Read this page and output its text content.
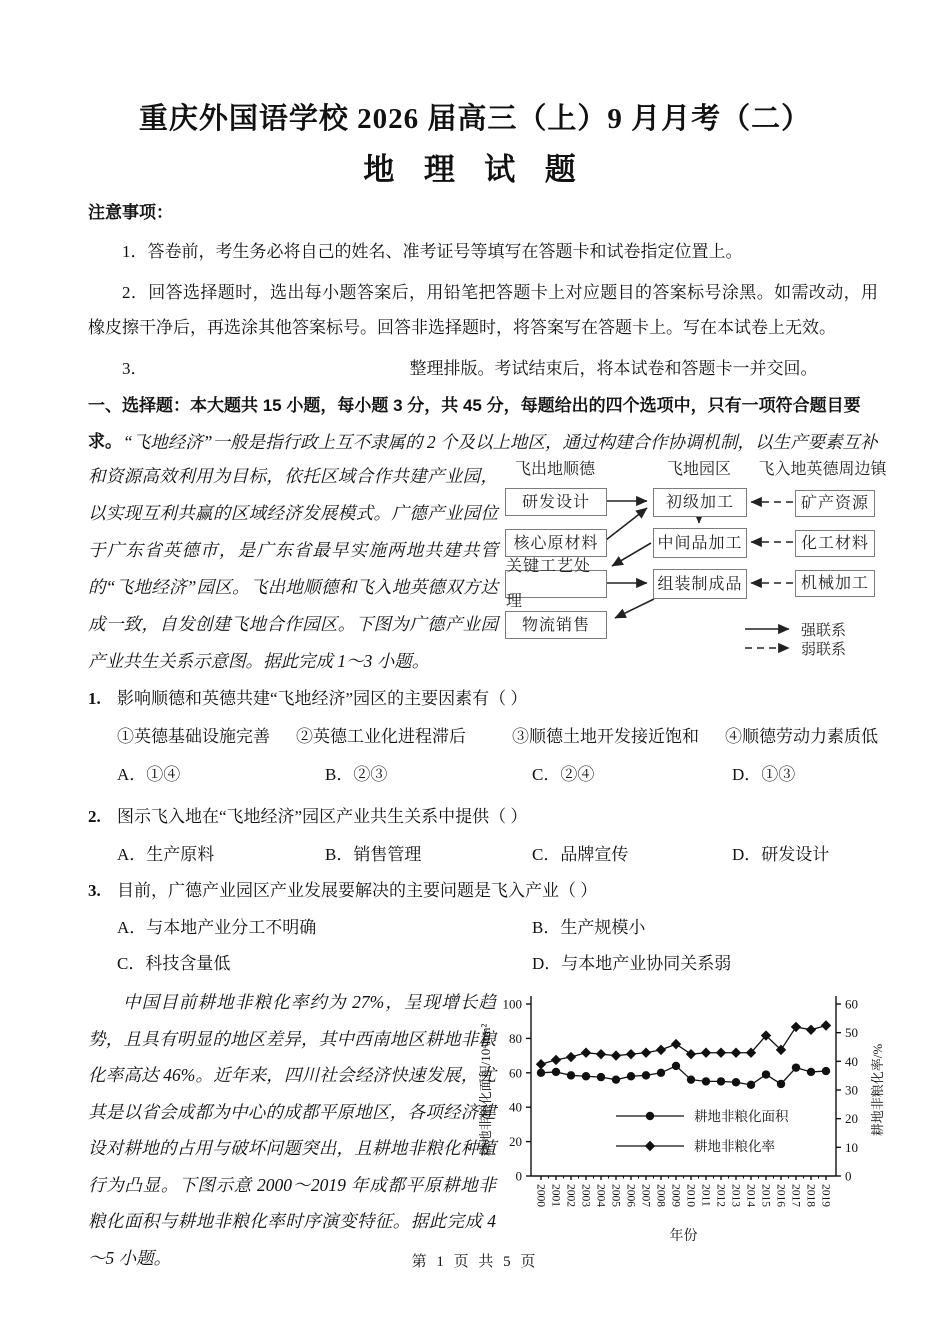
重庆外国语学校 2026 届高三（上）9 月月考（二）
地 理 试 题

注意事项：

1．答卷前，考生务必将自己的姓名、准考证号等填写在答题卡和试卷指定位置上。

2．回答选择题时，选出每小题答案后，用铅笔把答题卡上对应题目的答案标号涂黑。如需改动，用橡皮擦干净后，再选涂其他答案标号。回答非选择题时，将答案写在答题卡上。写在本试卷上无效。

3．	整理排版。考试结束后，将本试卷和答题卡一并交回。

一、选择题：本大题共 15 小题，每小题 3 分，共 45 分，每题给出的四个选项中，只有一项符合题目要求。 “飞地经济”一般是指行政上互不隶属的 2 个及以上地区，通过构建合作协调机制，以生产要素互补
和资源高效利用为目标，依托区域合作共建产业园，以实现互利共赢的区域经济发展模式。广德产业园位于广东省英德市，是广东省最早实施两地共建共管的“飞地经济”园区。飞出地顺德和飞入地英德双方达成一致，自发创建飞地合作园区。下图为广德产业园产业共生关系示意图。据此完成 1～3 小题。
强联系
弱联系
飞出地顺德	飞地园区	飞入地英德周边镇
研发设计
核心原材料
关键工艺处理
物流销售
初级加工
中间品加工
组装制成品
矿产资源
化工材料
机械加工
1. 影响顺德和英德共建“飞地经济”园区的主要因素有（ ）
①英德基础设施完善 ②英德工业化进程滞后	③顺德土地开发接近饱和 ④顺德劳动力素质低
A．①④	B．②③	C．②④	D．①③
2. 图示飞入地在“飞地经济”园区产业共生关系中提供（ ）
A．生产原料	B．销售管理	C．品牌宣传	D．研发设计
3. 目前，广德产业园区产业发展要解决的主要问题是飞入产业（ ）
A．与本地产业分工不明确	B．生产规模小
C．科技含量低	D．与本地产业协同关系弱
中国目前耕地非粮化率约为 27%，呈现增长趋势，且具有明显的地区差异，其中西南地区耕地非粮化率高达 46%。近年来，四川社会经济快速发展，尤其是以省会成都为中心的成都平原地区，各项经济建设对耕地的占用与破坏问题突出，且耕地非粮化种植行为凸显。下图示意 2000～2019 年成都平原耕地非粮化面积与耕地非粮化率时序演变特征。据此完成 4～5 小题。
0
20
40
60
80
100
0
10
20
30
40
50
60
2000 2001 2002 2003 2004 2005 2006 2007 2008 2009 2010 2011 2012 2013 2014 2015 2016 2017 2018 2019
耕地非粮化面积
耕地非粮化率
耕地非粮化面积/10⁴hm²	耕地非粮化率/%
年份
第 1 页 共 5 页
